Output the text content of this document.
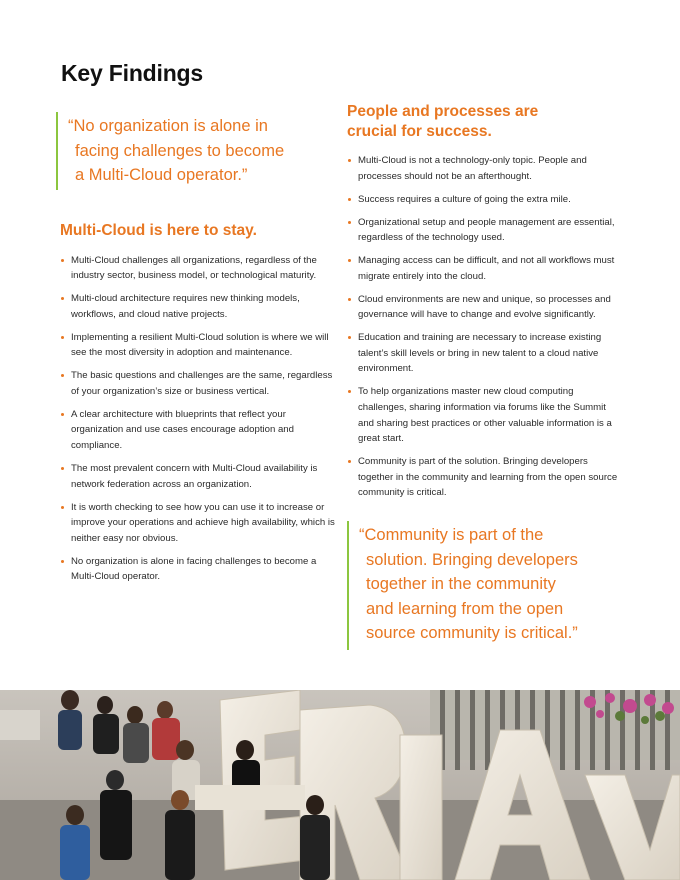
Key Findings
“No organization is alone in
facing challenges to become
a Multi-Cloud operator.”
Multi-Cloud is here to stay.
Multi-Cloud challenges all organizations, regardless of the industry sector, business model, or technological maturity.
Multi-cloud architecture requires new thinking models, workflows, and cloud native projects.
Implementing a resilient Multi-Cloud solution is where we will see the most diversity in adoption and maintenance.
The basic questions and challenges are the same, regardless of your organization’s size or business vertical.
A clear architecture with blueprints that reflect your organization and use cases encourage adoption and compliance.
The most prevalent concern with Multi-Cloud availability is network federation across an organization.
It is worth checking to see how you can use it to increase or improve your operations and achieve high availability, which is neither easy nor obvious.
No organization is alone in facing challenges to become a Multi-Cloud operator.
People and processes are
crucial for success.
Multi-Cloud is not a technology-only topic. People and processes should not be an afterthought.
Success requires a culture of going the extra mile.
Organizational setup and people management are essential, regardless of the technology used.
Managing access can be difficult, and not all workflows must migrate entirely into the cloud.
Cloud environments are new and unique, so processes and governance will have to change and evolve significantly.
Education and training are necessary to increase existing talent’s skill levels or bring in new talent to a cloud native environment.
To help organizations master new cloud computing challenges, sharing information via forums like the Summit and sharing best practices or other valuable information is a great start.
Community is part of the solution. Bringing developers together in the community and learning from the open source community is critical.
“Community is part of the
solution. Bringing developers
together in the community
and learning from the open
source community is critical.”
